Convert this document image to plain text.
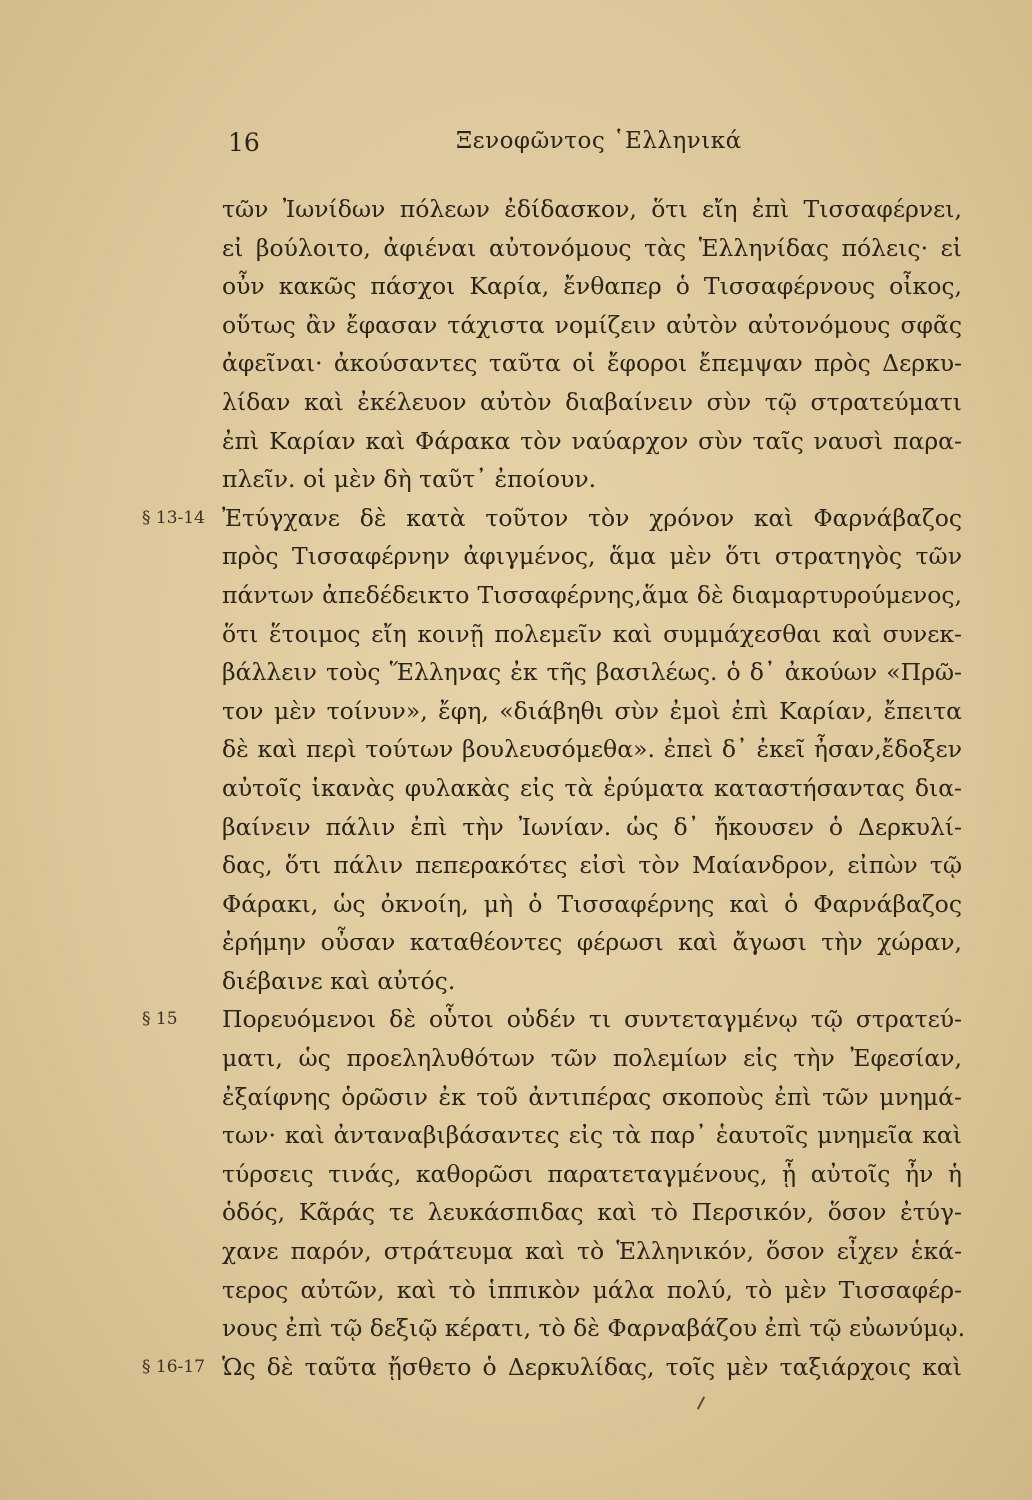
16	Ξενοφῶντος ῾Ελληνικά
τῶν Ἰωνίδων πόλεων ἐδίδασκον, ὅτι εἴη ἐπὶ Τισσαφέρνει,
εἰ βούλοιτο, ἀφιέναι αὐτονόμους τὰς Ἑλληνίδας πόλεις· εἰ
οὖν κακῶς πάσχοι Καρία, ἔνθαπερ ὁ Τισσαφέρνους οἶκος,
οὕτως ἂν ἔφασαν τάχιστα νομίζειν αὐτὸν αὐτονόμους σφᾶς
ἀφεῖναι· ἀκούσαντες ταῦτα οἱ ἔφοροι ἔπεμψαν πρὸς Δερκυ-
λίδαν καὶ ἐκέλευον αὐτὸν διαβαίνειν σὺν τῷ στρατεύματι
ἐπὶ Καρίαν καὶ Φάρακα τὸν ναύαρχον σὺν ταῖς ναυσὶ παρα-
πλεῖν. οἱ μὲν δὴ ταῦτ᾽ ἐποίουν.
Ἐτύγχανε δὲ κατὰ τοῦτον τὸν χρόνον καὶ Φαρνάβαζος
§ 13-14
πρὸς Τισσαφέρνην ἀφιγμένος, ἅμα μὲν ὅτι στρατηγὸς τῶν
πάντων ἀπεδέδεικτο Τισσαφέρνης,ἅμα δὲ διαμαρτυρούμενος,
ὅτι ἕτοιμος εἴη κοινῇ πολεμεῖν καὶ συμμάχεσθαι καὶ συνεκ-
βάλλειν τοὺς Ἕλληνας ἐκ τῆς βασιλέως. ὁ δ᾽ ἀκούων «Πρῶ-
τον μὲν τοίνυν», ἔφη, «διάβηθι σὺν ἐμοὶ ἐπὶ Καρίαν, ἔπειτα
δὲ καὶ περὶ τούτων βουλευσόμεθα». ἐπεὶ δ᾽ ἐκεῖ ἦσαν,ἔδοξεν
αὐτοῖς ἱκανὰς φυλακὰς εἰς τὰ ἐρύματα καταστήσαντας δια-
βαίνειν πάλιν ἐπὶ τὴν Ἰωνίαν. ὡς δ᾽ ἤκουσεν ὁ Δερκυλί-
δας, ὅτι πάλιν πεπερακότες εἰσὶ τὸν Μαίανδρον, εἰπὼν τῷ
Φάρακι, ὡς ὀκνοίη, μὴ ὁ Τισσαφέρνης καὶ ὁ Φαρνάβαζος
ἐρήμην οὖσαν καταθέοντες φέρωσι καὶ ἄγωσι τὴν χώραν,
διέβαινε καὶ αὐτός.
Πορευόμενοι δὲ οὗτοι οὐδέν τι συντεταγμένῳ τῷ στρατεύ-
§ 15
ματι, ὡς προεληλυθότων τῶν πολεμίων εἰς τὴν Ἐφεσίαν,
ἐξαίφνης ὁρῶσιν ἐκ τοῦ ἀντιπέρας σκοποὺς ἐπὶ τῶν μνημά-
των· καὶ ἀνταναβιβάσαντες εἰς τὰ παρ᾽ ἑαυτοῖς μνημεῖα καὶ
τύρσεις τινάς, καθορῶσι παρατεταγμένους, ᾗ αὐτοῖς ἦν ἡ
ὁδός, Κᾶράς τε λευκάσπιδας καὶ τὸ Περσικόν, ὅσον ἐτύγ-
χανε παρόν, στράτευμα καὶ τὸ Ἑλληνικόν, ὅσον εἶχεν ἑκά-
τερος αὐτῶν, καὶ τὸ ἱππικὸν μάλα πολύ, τὸ μὲν Τισσαφέρ-
νους ἐπὶ τῷ δεξιῷ κέρατι, τὸ δὲ Φαρναβάζου ἐπὶ τῷ εὐωνύμῳ.
Ὡς δὲ ταῦτα ᾔσθετο ὁ Δερκυλίδας, τοῖς μὲν ταξιάρχοις καὶ
§ 16-17
